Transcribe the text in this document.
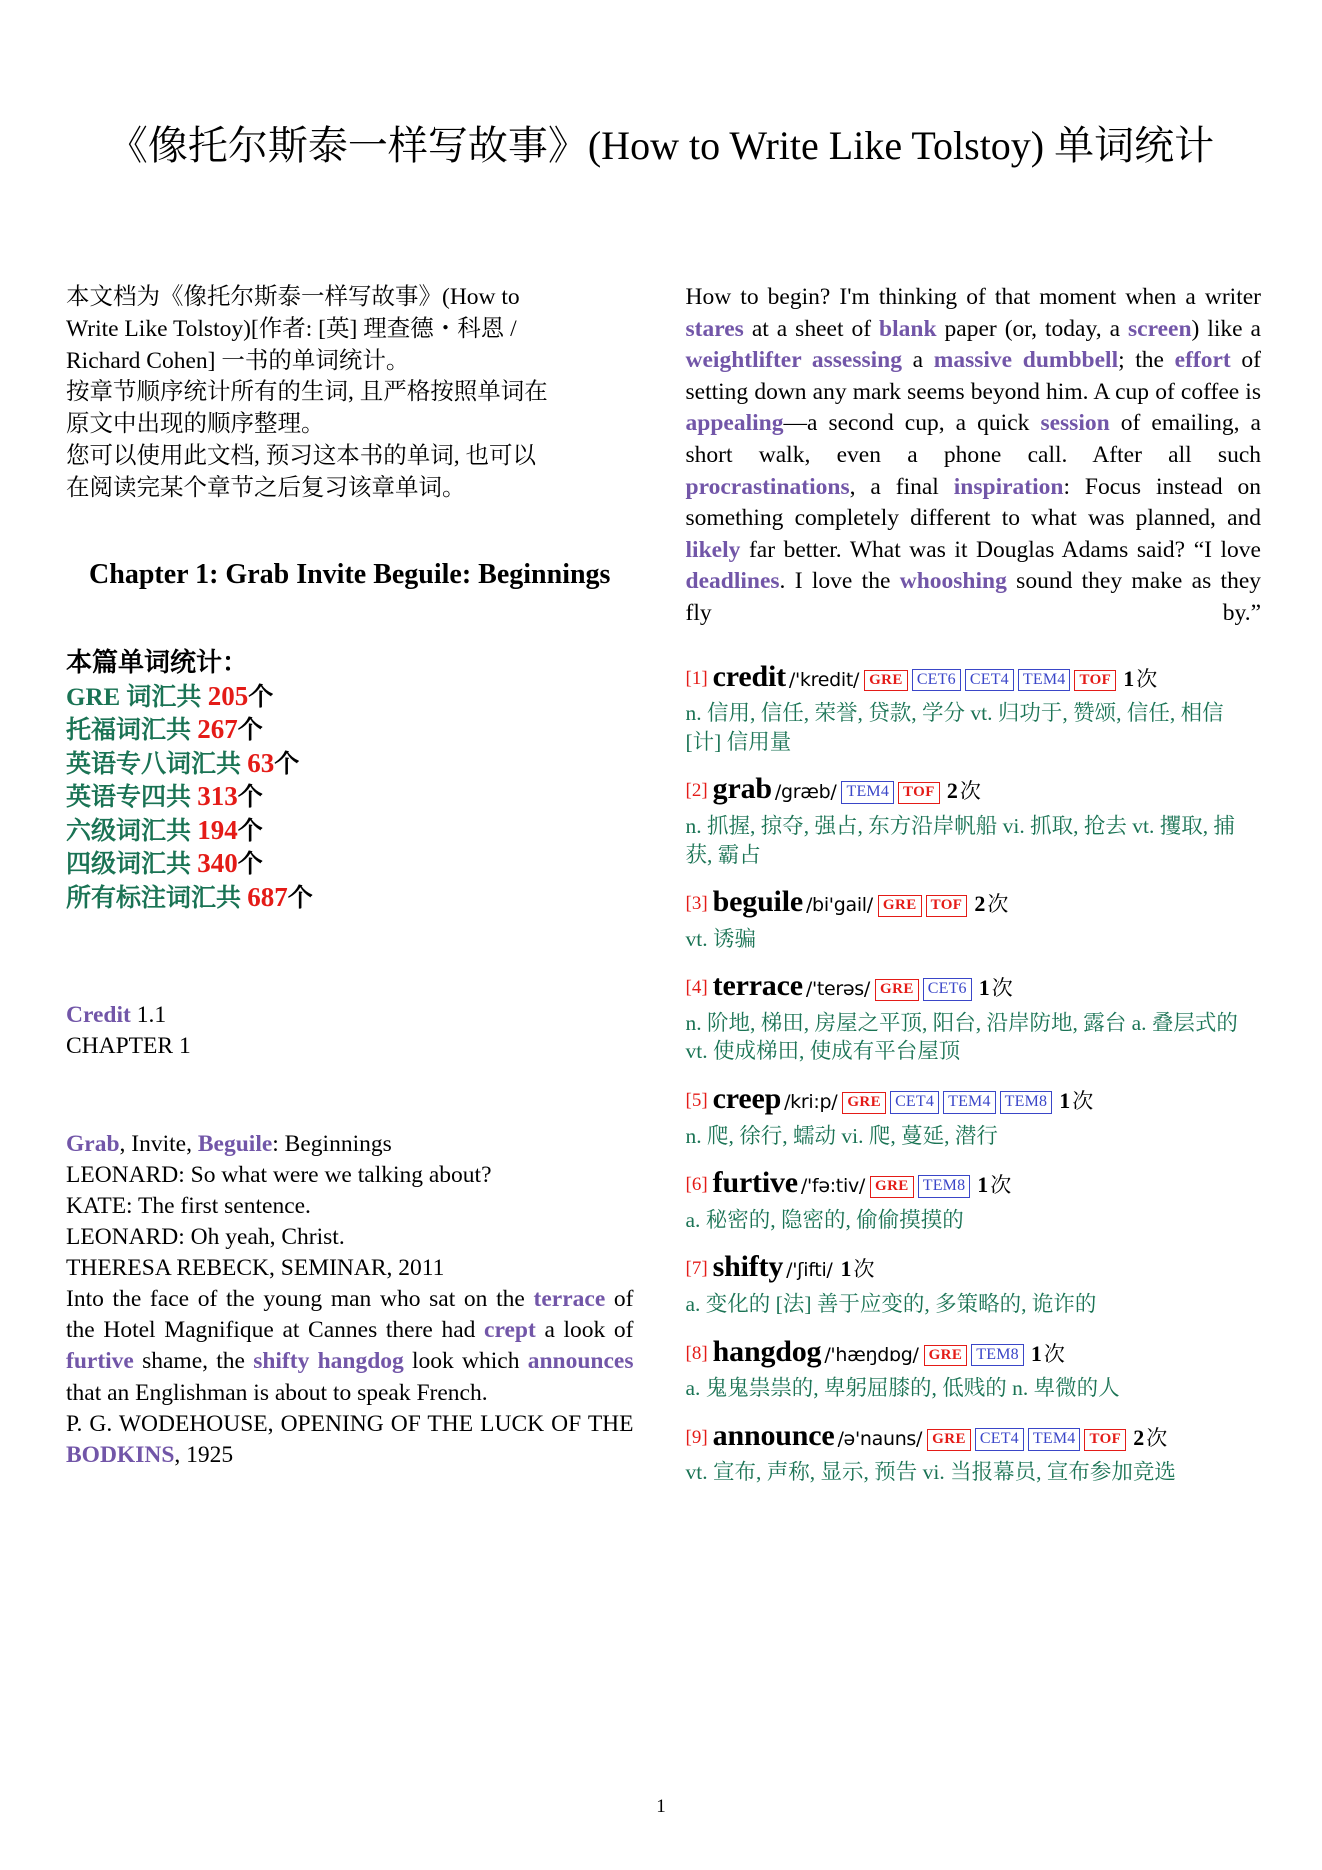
《像托尔斯泰一样写故事》(How to Write Like Tolstoy) 单词统计
本文档为《像托尔斯泰一样写故事》(How to
Write Like Tolstoy)[作者: [英] 理查德・科恩 /
Richard Cohen] 一书的单词统计。
按章节顺序统计所有的生词, 且严格按照单词在
原文中出现的顺序整理。
您可以使用此文档, 预习这本书的单词, 也可以
在阅读完某个章节之后复习该章单词。
Chapter 1: Grab Invite Beguile: Beginnings
本篇单词统计：
GRE 词汇共 205个
托福词汇共 267个
英语专八词汇共 63个
英语专四共 313个
六级词汇共 194个
四级词汇共 340个
所有标注词汇共 687个
Credit 1.1
CHAPTER 1
Grab, Invite, Beguile: Beginnings
LEONARD: So what were we talking about?
KATE: The first sentence.
LEONARD: Oh yeah, Christ.
THERESA REBECK, SEMINAR, 2011
Into the face of the young man who sat on the terrace of the Hotel Magnifique at Cannes there had crept a look of furtive shame, the shifty hangdog look which announces that an Englishman is about to speak French.
P. G. WODEHOUSE, OPENING OF THE LUCK OF THE BODKINS, 1925
How to begin? I'm thinking of that moment when a writer stares at a sheet of blank paper (or, today, a screen) like a weightlifter assessing a massive dumbbell; the effort of setting down any mark seems beyond him. A cup of coffee is appealing—a second cup, a quick session of emailing, a short walk, even a phone call. After all such procrastinations, a final inspiration: Focus instead on something completely different to what was planned, and likely far better. What was it Douglas Adams said? “I love deadlines. I love the whooshing sound they make as they fly by.”
[1] credit /'kredit/ GRE CET6 CET4 TEM4 TOF 1次
n. 信用, 信任, 荣誉, 贷款, 学分 vt. 归功于, 赞颂, 信任, 相信 [计] 信用量
[2] grab /græb/ TEM4 TOF 2次
n. 抓握, 掠夺, 强占, 东方沿岸帆船 vi. 抓取, 抢去 vt. 攫取, 捕获, 霸占
[3] beguile /bi'gail/ GRE TOF 2次
vt. 诱骗
[4] terrace /'terəs/ GRE CET6 1次
n. 阶地, 梯田, 房屋之平顶, 阳台, 沿岸防地, 露台 a. 叠层式的 vt. 使成梯田, 使成有平台屋顶
[5] creep /kri:p/ GRE CET4 TEM4 TEM8 1次
n. 爬, 徐行, 蠕动 vi. 爬, 蔓延, 潜行
[6] furtive /'fə:tiv/ GRE TEM8 1次
a. 秘密的, 隐密的, 偷偷摸摸的
[7] shifty /'ʃifti/ 1次
a. 变化的 [法] 善于应变的, 多策略的, 诡诈的
[8] hangdog /'hæŋdɒg/ GRE TEM8 1次
a. 鬼鬼祟祟的, 卑躬屈膝的, 低贱的 n. 卑微的人
[9] announce /ə'nauns/ GRE CET4 TEM4 TOF 2次
vt. 宣布, 声称, 显示, 预告 vi. 当报幕员, 宣布参加竞选
1
